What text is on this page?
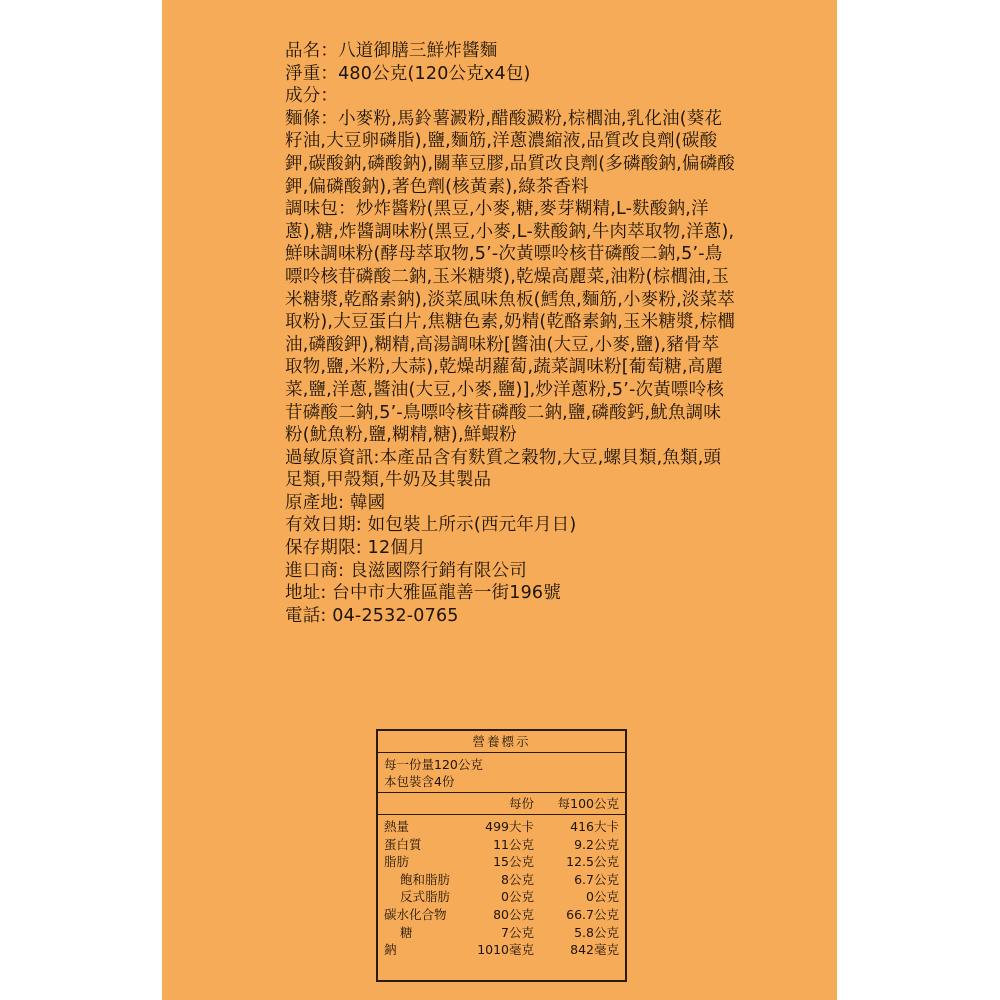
品名：八道御膳三鮮炸醬麵

淨重：480公克(120公克x4包)

成分：

麵條：小麥粉,馬鈴薯澱粉,醋酸澱粉,棕櫚油,乳化油(葵花籽油,大豆卵磷脂),鹽,麵筋,洋蔥濃縮液,品質改良劑(碳酸鉀,碳酸鈉,磷酸鈉),關華豆膠,品質改良劑(多磷酸鈉,偏磷酸鉀,偏磷酸鈉),著色劑(核黃素),綠茶香料

調味包：炒炸醬粉(黑豆,小麥,糖,麥芽糊精,L-麩酸鈉,洋蔥),糖,炸醬調味粉(黑豆,小麥,L-麩酸鈉,牛肉萃取物,洋蔥),鮮味調味粉(酵母萃取物,5’-次黃嘌呤核苷磷酸二鈉,5’-鳥嘌呤核苷磷酸二鈉,玉米糖漿),乾燥高麗菜,油粉(棕櫚油,玉米糖漿,乾酪素鈉),淡菜風味魚板(鱈魚,麵筋,小麥粉,淡菜萃取粉),大豆蛋白片,焦糖色素,奶精(乾酪素鈉,玉米糖漿,棕櫚油,磷酸鉀),糊精,高湯調味粉[醬油(大豆,小麥,鹽),豬骨萃取物,鹽,米粉,大蒜),乾燥胡蘿蔔,蔬菜調味粉[葡萄糖,高麗菜,鹽,洋蔥,醬油(大豆,小麥,鹽)],炒洋蔥粉,5’-次黃嘌呤核苷磷酸二鈉,5’-鳥嘌呤核苷磷酸二鈉,鹽,磷酸鈣,魷魚調味粉(魷魚粉,鹽,糊精,糖),鮮蝦粉

過敏原資訊:本產品含有麩質之穀物,大豆,螺貝類,魚類,頭足類,甲殼類,牛奶及其製品

原產地: 韓國

有效日期: 如包裝上所示(西元年月日)

保存期限: 12個月

進口商: 良滋國際行銷有限公司

地址: 台中市大雅區龍善一街196號

電話: 04-2532-0765

營養標示
每一份量120公克
本包裝含4份
每份 每100公克
熱量	499大卡	416大卡
蛋白質	11公克	9.2公克
脂肪	15公克	12.5公克
飽和脂肪	8公克	6.7公克
反式脂肪	0公克	0公克
碳水化合物	80公克	66.7公克
糖	7公克	5.8公克
鈉	1010毫克	842毫克
